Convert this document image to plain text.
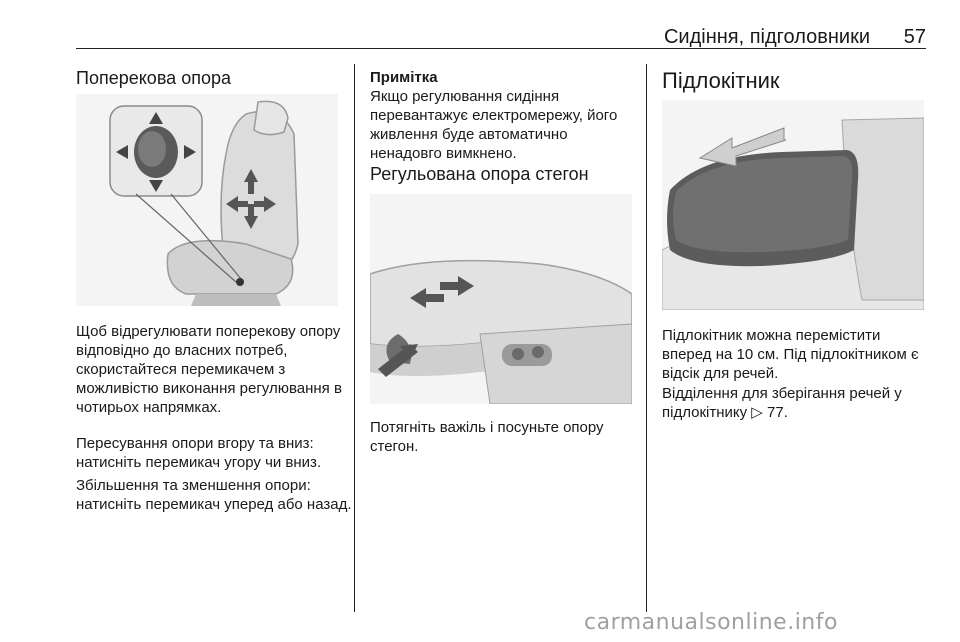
Сидіння, підголовники	57
Поперекова опора

Щоб відрегулювати поперекову опору відповідно до власних потреб, скористайтеся перемикачем з можливістю виконання регулювання в чотирьох напрямках.

Пересування опори вгору та вниз: натисніть перемикач угору чи вниз.

Збільшення та зменшення опори: натисніть перемикач уперед або назад.

Примітка
Якщо регулювання сидіння перевантажує електромережу, його живлення буде автоматично ненадовго вимкнено.

Регульована опора стегон

Потягніть важіль і посуньте опору стегон.

Підлокітник

Підлокітник можна перемістити вперед на 10 см. Під підлокітником є відсік для речей.

Відділення для зберігання речей у підлокітнику ▷ 77.

carmanualsonline.info
